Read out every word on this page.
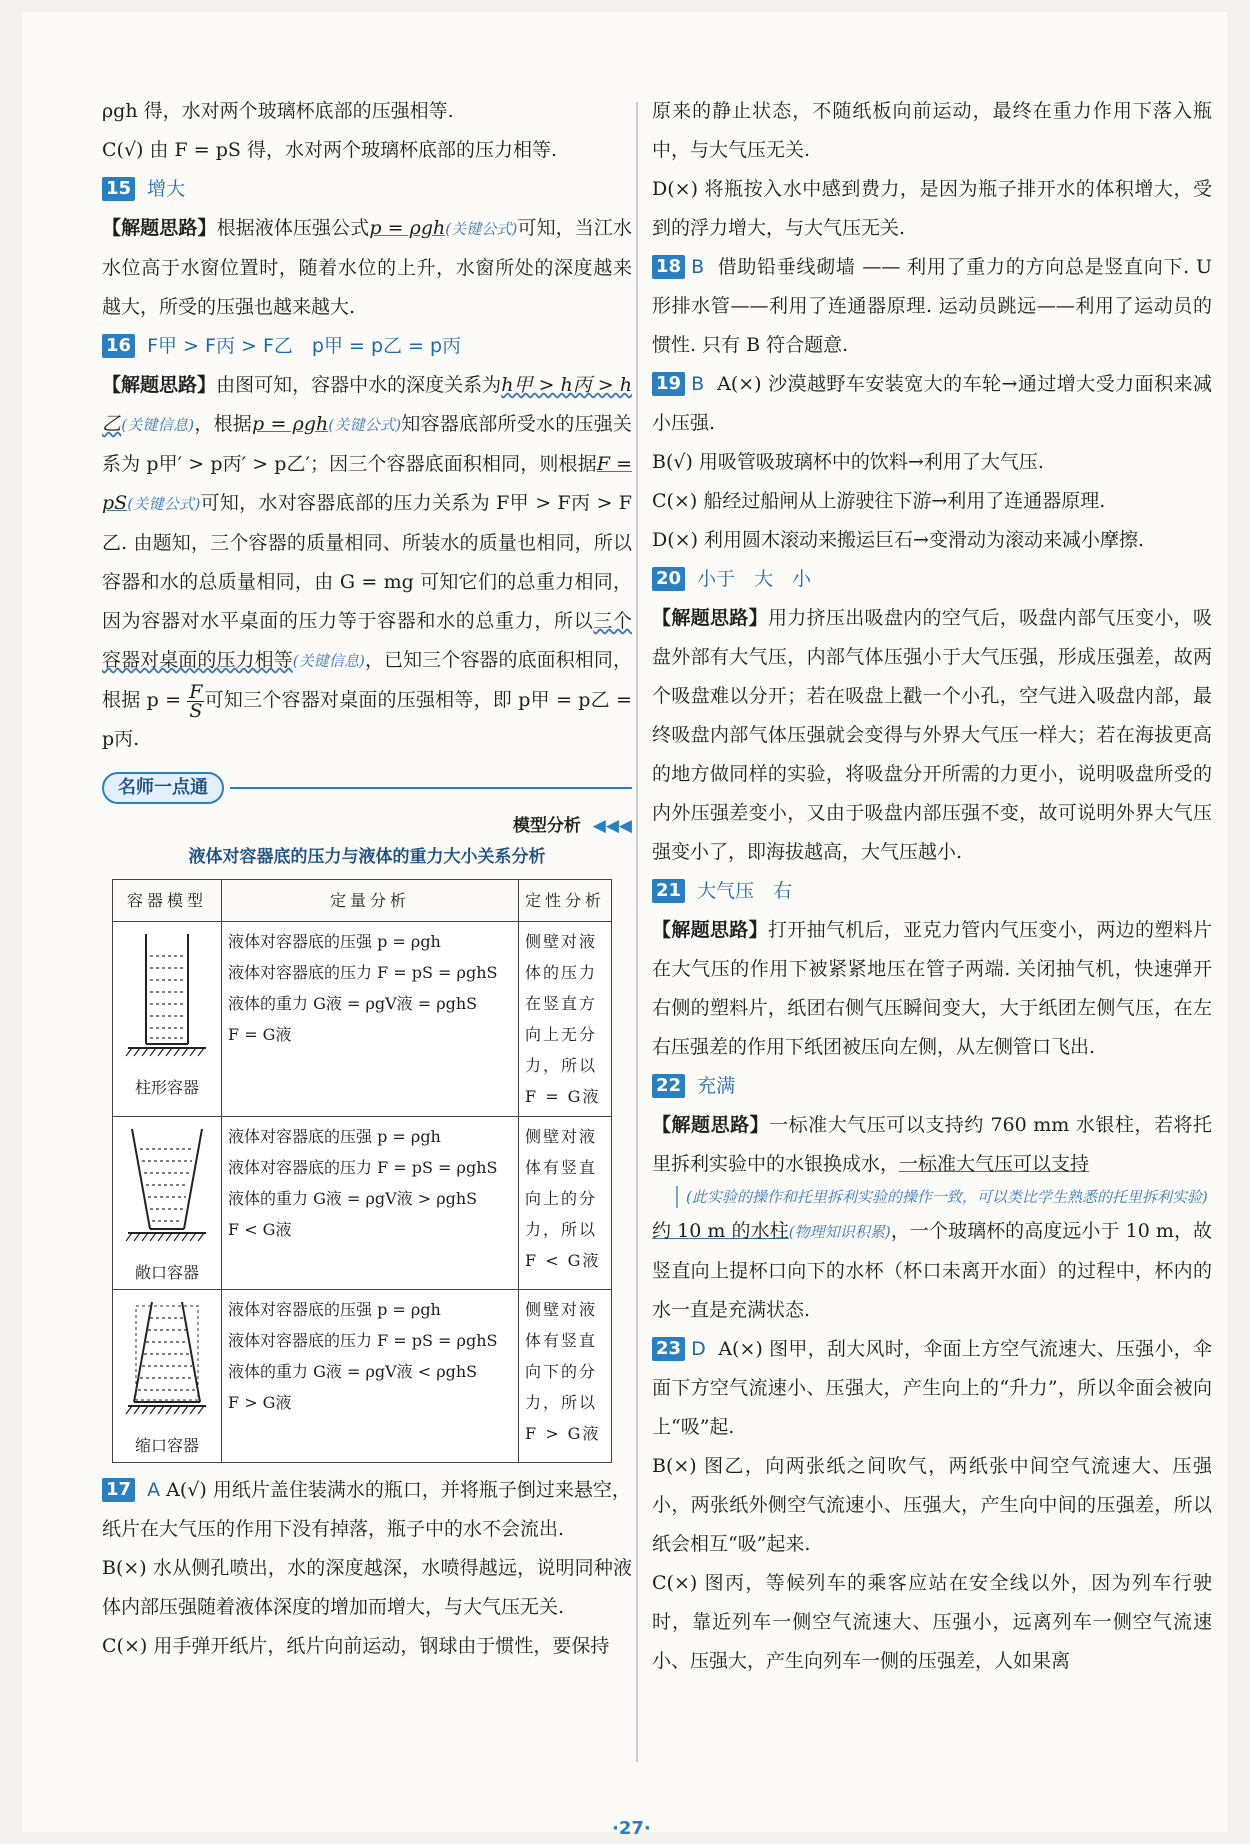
ρgh 得，水对两个玻璃杯底部的压强相等.

C(√) 由 F = pS 得，水对两个玻璃杯底部的压力相等.

15 增大

【解题思路】根据液体压强公式p = ρgh(关键公式)可知，当江水水位高于水窗位置时，随着水位的上升，水窗所处的深度越来越大，所受的压强也越来越大.

16 F甲 > F丙 > F乙　p甲 = p乙 = p丙

【解题思路】由图可知，容器中水的深度关系为h甲 > h丙 > h乙(关键信息)，根据p = ρgh(关键公式)知容器底部所受水的压强关系为 p甲′ > p丙′ > p乙′；因三个容器底面积相同，则根据F = pS(关键公式)可知，水对容器底部的压力关系为 F甲 > F丙 > F乙. 由题知，三个容器的质量相同、所装水的质量也相同，所以容器和水的总质量相同，由 G = mg 可知它们的总重力相同，因为容器对水平桌面的压力等于容器和水的总重力，所以三个容器对桌面的压力相等(关键信息)，已知三个容器的底面积相同，根据 $p = \frac{F}{S}$ 可知三个容器对桌面的压强相等，即 p甲 = p乙 = p丙.

名师一点通
模型分析
◀◀◀
液体对容器底的压力与液体的重力大小关系分析
容器模型	定量分析	定性分析

柱形容器	液体对容器底的压强 p = ρgh
液体对容器底的压力 F = pS = ρghS
液体的重力 G液 = ρgV液 = ρghS
F = G液	侧壁对液体的压力在竖直方向上无分力，所以 F = G液

敞口容器	液体对容器底的压强 p = ρgh
液体对容器底的压力 F = pS = ρghS
液体的重力 G液 = ρgV液 > ρghS
F < G液	侧壁对液体有竖直向上的分力，所以 F < G液

缩口容器	液体对容器底的压强 p = ρgh
液体对容器底的压力 F = pS = ρghS
液体的重力 G液 = ρgV液 < ρghS
F > G液	侧壁对液体有竖直向下的分力，所以 F > G液
17 A A(√) 用纸片盖住装满水的瓶口，并将瓶子倒过来悬空，纸片在大气压的作用下没有掉落，瓶子中的水不会流出.

B(×) 水从侧孔喷出，水的深度越深，水喷得越远，说明同种液体内部压强随着液体深度的增加而增大，与大气压无关.

C(×) 用手弹开纸片，纸片向前运动，钢球由于惯性，要保持

原来的静止状态，不随纸板向前运动，最终在重力作用下落入瓶中，与大气压无关.

D(×) 将瓶按入水中感到费力，是因为瓶子排开水的体积增大，受到的浮力增大，与大气压无关.

18 B 借助铅垂线砌墙 —— 利用了重力的方向总是竖直向下. U 形排水管——利用了连通器原理. 运动员跳远——利用了运动员的惯性. 只有 B 符合题意.

19 B A(×) 沙漠越野车安装宽大的车轮→通过增大受力面积来减小压强.

B(√) 用吸管吸玻璃杯中的饮料→利用了大气压.

C(×) 船经过船闸从上游驶往下游→利用了连通器原理.

D(×) 利用圆木滚动来搬运巨石→变滑动为滚动来减小摩擦.

20 小于　大　小

【解题思路】用力挤压出吸盘内的空气后，吸盘内部气压变小，吸盘外部有大气压，内部气体压强小于大气压强，形成压强差，故两个吸盘难以分开；若在吸盘上戳一个小孔，空气进入吸盘内部，最终吸盘内部气体压强就会变得与外界大气压一样大；若在海拔更高的地方做同样的实验，将吸盘分开所需的力更小，说明吸盘所受的内外压强差变小，又由于吸盘内部压强不变，故可说明外界大气压强变小了，即海拔越高，大气压越小.

21 大气压　右

【解题思路】打开抽气机后，亚克力管内气压变小，两边的塑料片在大气压的作用下被紧紧地压在管子两端. 关闭抽气机，快速弹开右侧的塑料片，纸团右侧气压瞬间变大，大于纸团左侧气压，在左右压强差的作用下纸团被压向左侧，从左侧管口飞出.

22 充满

【解题思路】一标准大气压可以支持约 760 mm 水银柱，若将托里拆利实验中的水银换成水，一标准大气压可以支持

(此实验的操作和托里拆利实验的操作一致，可以类比学生熟悉的托里拆利实验)

约 10 m 的水柱(物理知识积累)，一个玻璃杯的高度远小于 10 m，故竖直向上提杯口向下的水杯（杯口未离开水面）的过程中，杯内的水一直是充满状态.

23 D A(×) 图甲，刮大风时，伞面上方空气流速大、压强小，伞面下方空气流速小、压强大，产生向上的“升力”，所以伞面会被向上“吸”起.

B(×) 图乙，向两张纸之间吹气，两纸张中间空气流速大、压强小，两张纸外侧空气流速小、压强大，产生向中间的压强差，所以纸会相互“吸”起来.

C(×) 图丙，等候列车的乘客应站在安全线以外，因为列车行驶时，靠近列车一侧空气流速大、压强小，远离列车一侧空气流速小、压强大，产生向列车一侧的压强差，人如果离

·27·
